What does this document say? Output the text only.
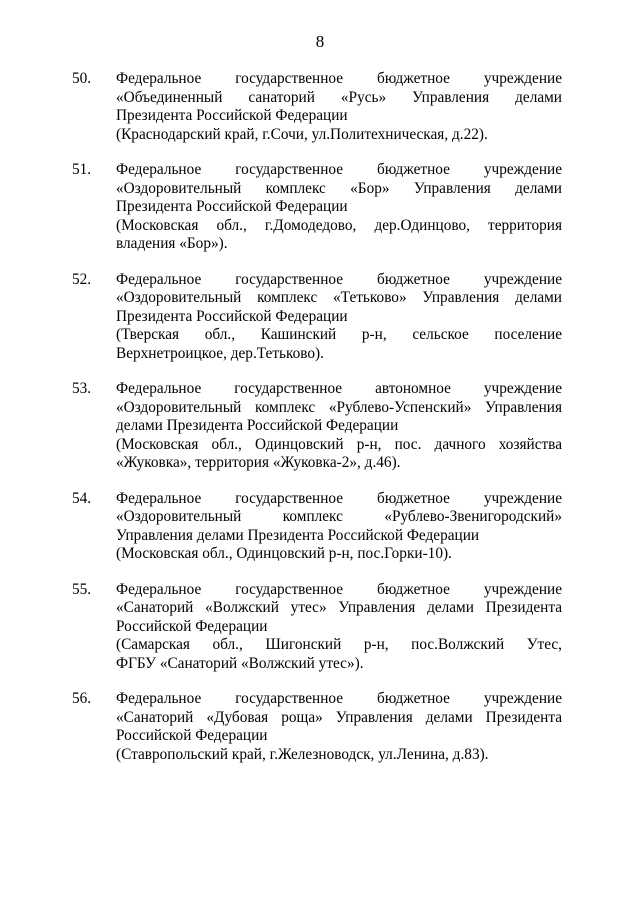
8
50. Федеральное государственное бюджетное учреждение
«Объединенный санаторий «Русь» Управления делами
Президента Российской Федерации
(Краснодарский край, г.Сочи, ул.Политехническая, д.22).
51. Федеральное государственное бюджетное учреждение
«Оздоровительный комплекс «Бор» Управления делами
Президента Российской Федерации
(Московская обл., г.Домодедово, дер.Одинцово, территория
владения «Бор»).
52. Федеральное государственное бюджетное учреждение
«Оздоровительный комплекс «Тетьково» Управления делами
Президента Российской Федерации
(Тверская обл., Кашинский р-н, сельское поселение
Верхнетроицкое, дер.Тетьково).
53. Федеральное государственное автономное учреждение
«Оздоровительный комплекс «Рублево-Успенский» Управления
делами Президента Российской Федерации
(Московская обл., Одинцовский р-н, пос. дачного хозяйства
«Жуковка», территория «Жуковка-2», д.46).
54. Федеральное государственное бюджетное учреждение
«Оздоровительный комплекс «Рублево-Звенигородский»
Управления делами Президента Российской Федерации
(Московская обл., Одинцовский р-н, пос.Горки-10).
55. Федеральное государственное бюджетное учреждение
«Санаторий «Волжский утес» Управления делами Президента
Российской Федерации
(Самарская обл., Шигонский р-н, пос.Волжский Утес,
ФГБУ «Санаторий «Волжский утес»).
56. Федеральное государственное бюджетное учреждение
«Санаторий «Дубовая роща» Управления делами Президента
Российской Федерации
(Ставропольский край, г.Железноводск, ул.Ленина, д.83).
